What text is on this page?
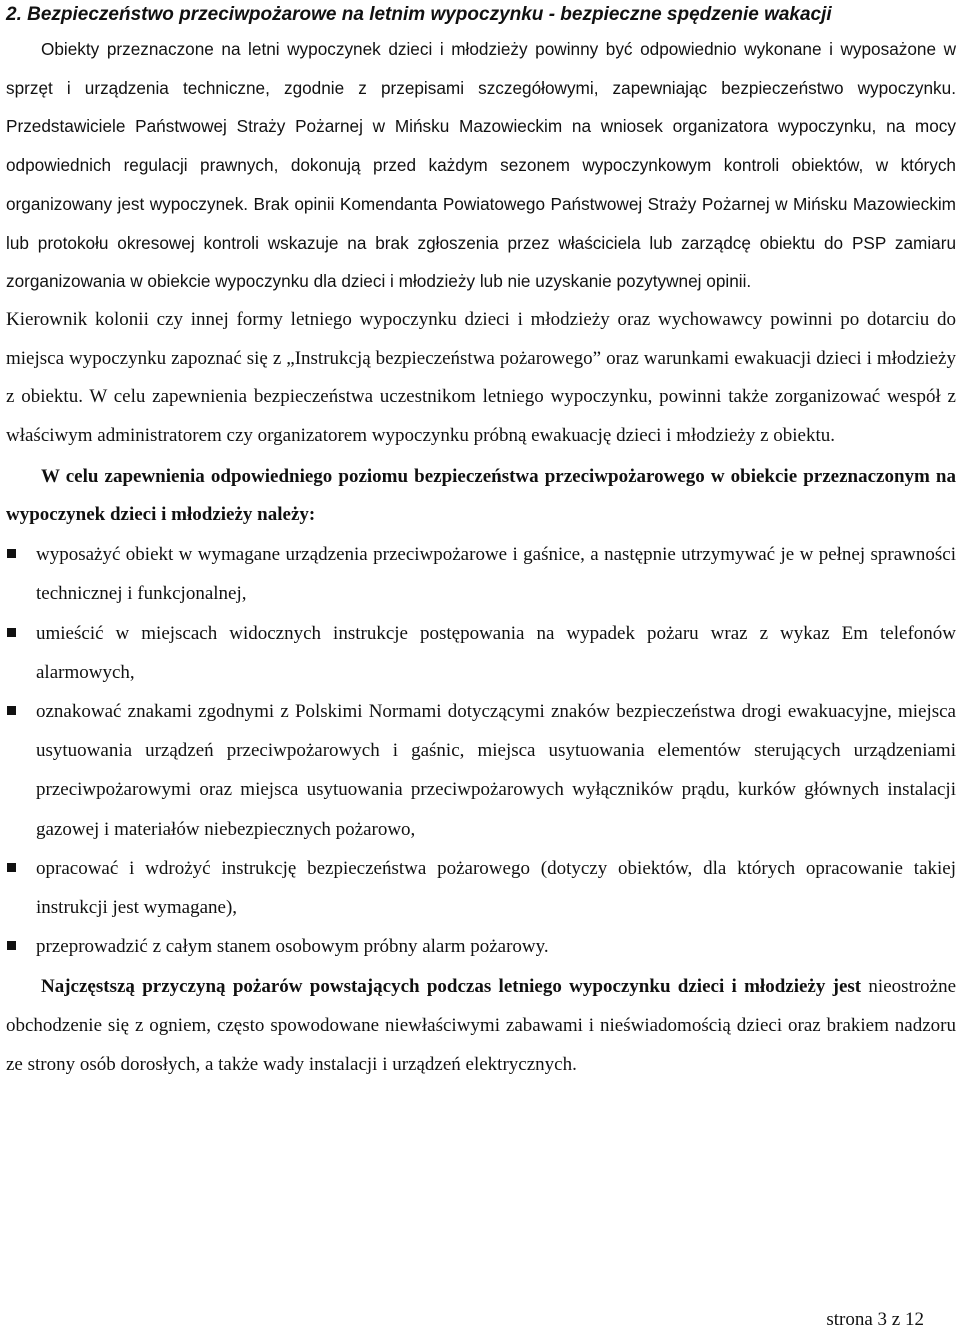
2. Bezpieczeństwo przeciwpożarowe na letnim wypoczynku - bezpieczne spędzenie wakacji

Obiekty przeznaczone na letni wypoczynek dzieci i młodzieży powinny być odpowiednio wykonane i wyposażone w sprzęt i urządzenia techniczne, zgodnie z przepisami szczegółowymi, zapewniając bezpieczeństwo wypoczynku. Przedstawiciele Państwowej Straży Pożarnej w Mińsku Mazowieckim na wniosek organizatora wypoczynku, na mocy odpowiednich regulacji prawnych, dokonują przed każdym sezonem wypoczynkowym kontroli obiektów, w których organizowany jest wypoczynek. Brak opinii Komendanta Powiatowego Państwowej Straży Pożarnej w Mińsku Mazowieckim lub protokołu okresowej kontroli wskazuje na brak zgłoszenia przez właściciela lub zarządcę obiektu do PSP zamiaru zorganizowania w obiekcie wypoczynku dla dzieci i młodzieży lub nie uzyskanie pozytywnej opinii.

Kierownik kolonii czy innej formy letniego wypoczynku dzieci i młodzieży oraz wychowawcy powinni po dotarciu do miejsca wypoczynku zapoznać się z „Instrukcją bezpieczeństwa pożarowego” oraz warunkami ewakuacji dzieci i młodzieży z obiektu. W celu zapewnienia bezpieczeństwa uczestnikom letniego wypoczynku, powinni także zorganizować wespół z właściwym administratorem czy organizatorem wypoczynku próbną ewakuację dzieci i młodzieży z obiektu.

W celu zapewnienia odpowiedniego poziomu bezpieczeństwa przeciwpożarowego w obiekcie przeznaczonym na wypoczynek dzieci i młodzieży należy:

wyposażyć obiekt w wymagane urządzenia przeciwpożarowe i gaśnice, a następnie utrzymywać je w pełnej sprawności technicznej i funkcjonalnej,
umieścić w miejscach widocznych instrukcje postępowania na wypadek pożaru wraz z wykaz Em telefonów alarmowych,
oznakować znakami zgodnymi z Polskimi Normami dotyczącymi znaków bezpieczeństwa drogi ewakuacyjne, miejsca usytuowania urządzeń przeciwpożarowych i gaśnic, miejsca usytuowania elementów sterujących urządzeniami przeciwpożarowymi oraz miejsca usytuowania przeciwpożarowych wyłączników prądu, kurków głównych instalacji gazowej i materiałów niebezpiecznych pożarowo,
opracować i wdrożyć instrukcję bezpieczeństwa pożarowego (dotyczy obiektów, dla których opracowanie takiej instrukcji jest wymagane),
przeprowadzić z całym stanem osobowym próbny alarm pożarowy.

Najczęstszą przyczyną pożarów powstających podczas letniego wypoczynku dzieci i młodzieży jest nieostrożne obchodzenie się z ogniem, często spowodowane niewłaściwymi zabawami i nieświadomością dzieci oraz brakiem nadzoru ze strony osób dorosłych, a także wady instalacji i urządzeń elektrycznych.

strona 3 z 12
